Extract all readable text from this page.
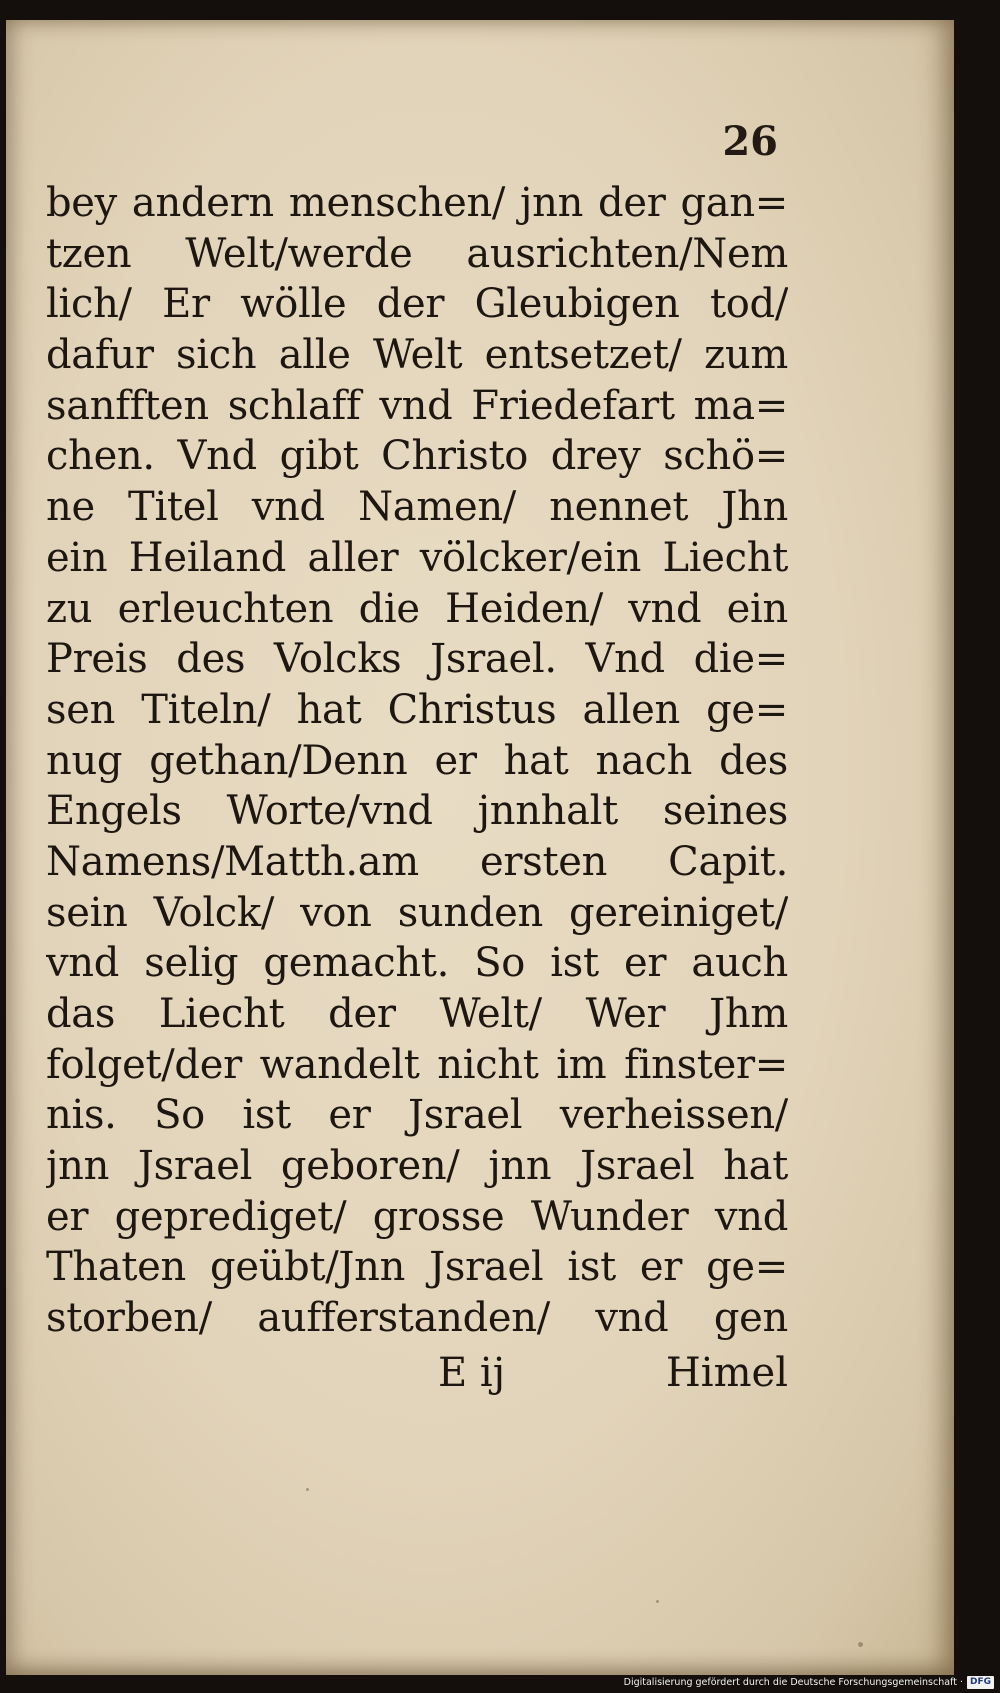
26
bey andern menschen/ jnn der gan=
tzen Welt/werde ausrichten/Nem
lich/ Er wölle der Gleubigen tod/
dafur sich alle Welt entsetzet/ zum
sanfften schlaff vnd Friedefart ma=
chen. Vnd gibt Christo drey schö=
ne Titel vnd Namen/ nennet Jhn
ein Heiland aller völcker/ein Liecht
zu erleuchten die Heiden/ vnd ein
Preis des Volcks Jsrael. Vnd die=
sen Titeln/ hat Christus allen ge=
nug gethan/Denn er hat nach des
Engels Worte/vnd jnnhalt seines
Namens/Matth.am ersten Capit.
sein Volck/ von sunden gereiniget/
vnd selig gemacht. So ist er auch
das Liecht der Welt/ Wer Jhm
folget/der wandelt nicht im finster=
nis. So ist er Jsrael verheissen/
jnn Jsrael geboren/ jnn Jsrael hat
er geprediget/ grosse Wunder vnd
Thaten geübt/Jnn Jsrael ist er ge=
storben/ aufferstanden/ vnd gen
E ij	Himel
Digitalisierung gefördert durch die Deutsche Forschungsgemeinschaft · DFG
